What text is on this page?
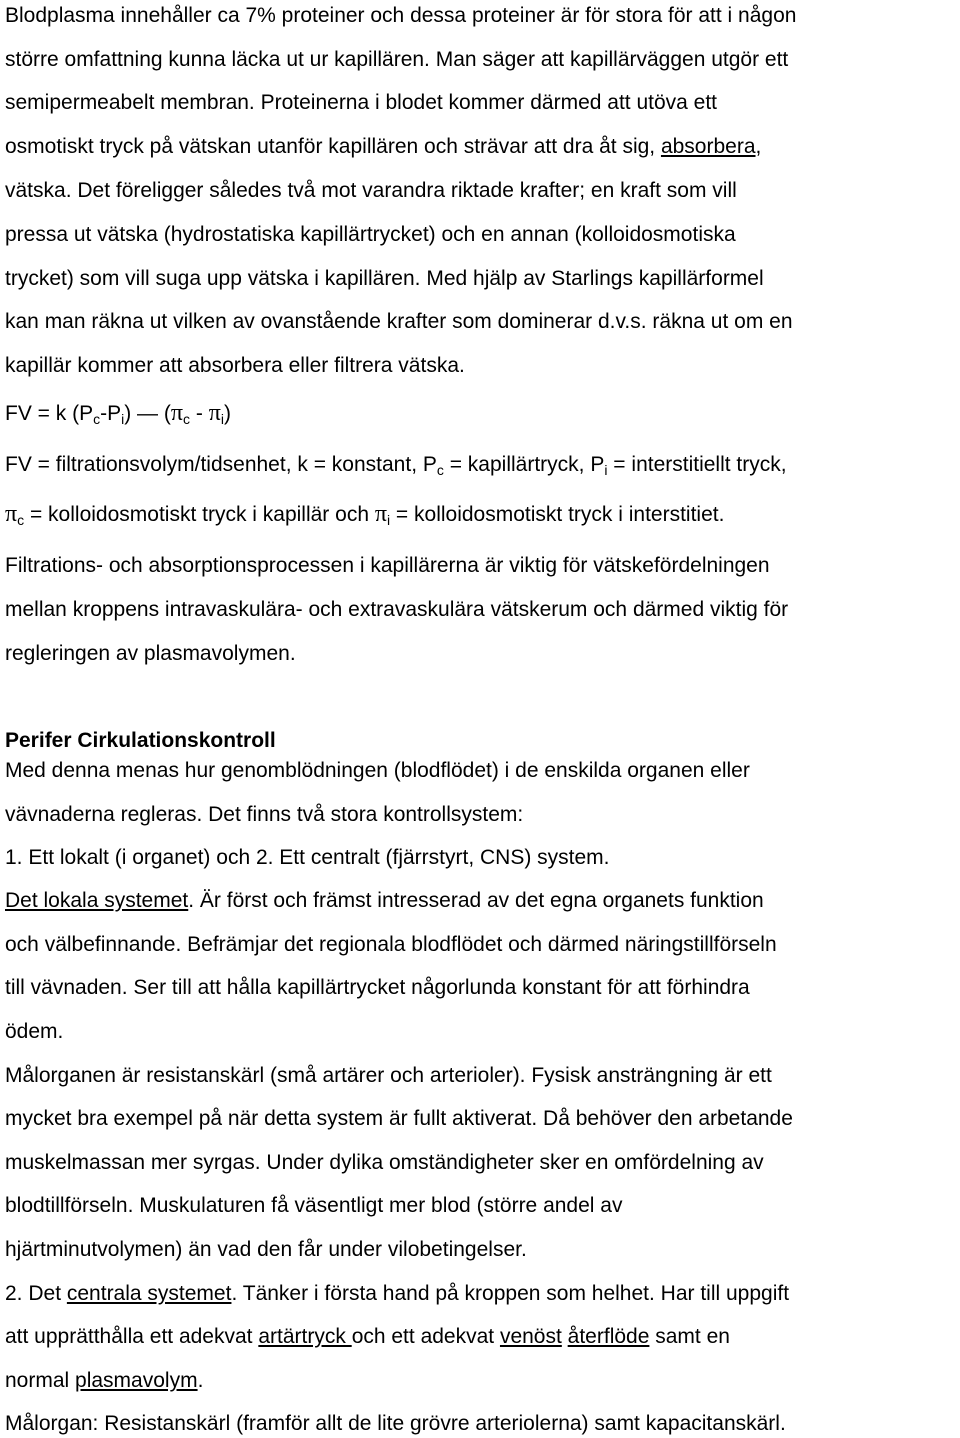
Blodplasma innehåller ca 7% proteiner och dessa proteiner är för stora för att i någon
större omfattning kunna läcka ut ur kapillären. Man säger att kapillärväggen utgör ett
semipermeabelt membran. Proteinerna i blodet kommer därmed att utöva ett
osmotiskt tryck på vätskan utanför kapillären och strävar att dra åt sig, absorbera,
vätska. Det föreligger således två mot varandra riktade krafter; en kraft som vill
pressa ut vätska (hydrostatiska kapillärtrycket) och en annan (kolloidosmotiska
trycket) som vill suga upp vätska i kapillären. Med hjälp av Starlings kapillärformel
kan man räkna ut vilken av ovanstående krafter som dominerar d.v.s. räkna ut om en
kapillär kommer att absorbera eller filtrera vätska.
FV = k $(P_c-P_i)$ — $(\pi_c - \pi_i)$
FV = filtrationsvolym/tidsenhet, k = konstant, $P_c$ = kapillärtryck, $P_i$ = interstitiellt tryck,
$\pi_c$ = kolloidosmotiskt tryck i kapillär och $\pi_i$ = kolloidosmotiskt tryck i interstitiet.
Filtrations- och absorptionsprocessen i kapillärerna är viktig för vätskefördelningen
mellan kroppens intravaskulära- och extravaskulära vätskerum och därmed viktig för
regleringen av plasmavolymen.
Perifer Cirkulationskontroll
Med denna menas hur genomblödningen (blodflödet) i de enskilda organen eller
vävnaderna regleras. Det finns två stora kontrollsystem:
1. Ett lokalt (i organet) och 2. Ett centralt (fjärrstyrt, CNS) system.
Det lokala systemet. Är först och främst intresserad av det egna organets funktion
och välbefinnande. Befrämjar det regionala blodflödet och därmed näringstillförseln
till vävnaden. Ser till att hålla kapillärtrycket någorlunda konstant för att förhindra
ödem.
Målorganen är resistanskärl (små artärer och arterioler). Fysisk ansträngning är ett
mycket bra exempel på när detta system är fullt aktiverat. Då behöver den arbetande
muskelmassan mer syrgas. Under dylika omständigheter sker en omfördelning av
blodtillförseln. Muskulaturen få väsentligt mer blod (större andel av
hjärtminutvolymen) än vad den får under vilobetingelser.
2. Det centrala systemet. Tänker i första hand på kroppen som helhet. Har till uppgift
att upprätthålla ett adekvat artärtryck och ett adekvat venöst återflöde samt en
normal plasmavolym.
Målorgan: Resistanskärl (framför allt de lite grövre arteriolerna) samt kapacitanskärl.
